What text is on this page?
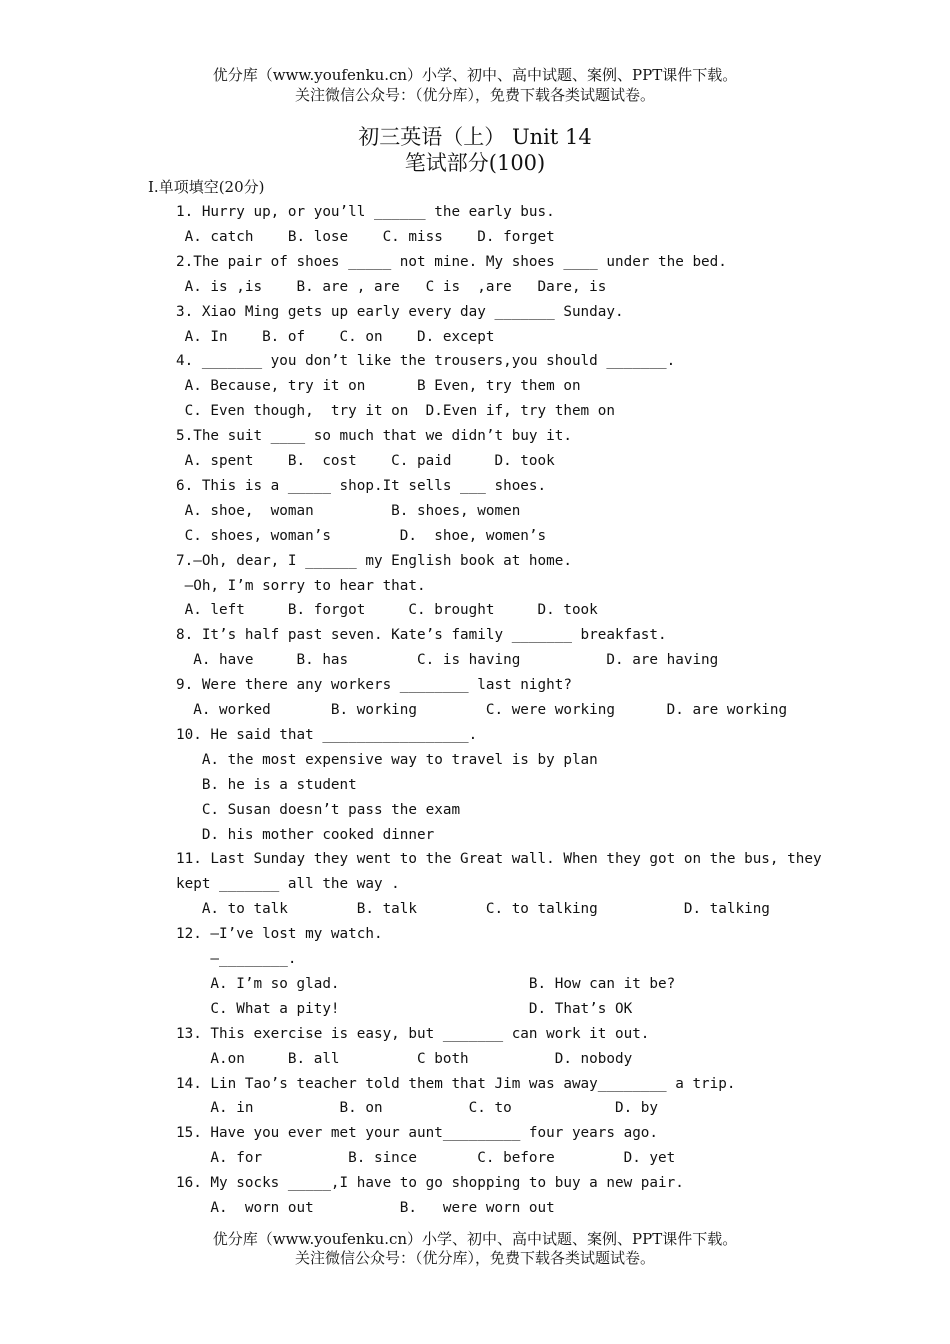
优分库（www.youfenku.cn）小学、初中、高中试题、案例、PPT课件下载。
关注微信公众号：（优分库），免费下载各类试题试卷。
初三英语（上） Unit 14
笔试部分(100)
Ⅰ.单项填空(20分)
1. Hurry up, or you’ll ______ the early bus.
A. catch    B. lose    C. miss    D. forget
2.The pair of shoes _____ not mine. My shoes ____ under the bed.
A. is ,is    B. are , are   C is  ,are   Dare, is
3. Xiao Ming gets up early every day _______ Sunday.
A. In    B. of    C. on    D. except
4. _______ you don’t like the trousers,you should _______.
A. Because, try it on      B Even, try them on
C. Even though,  try it on  D.Even if, try them on
5.The suit ____ so much that we didn’t buy it.
A. spent    B.  cost    C. paid     D. took
6. This is a _____ shop.It sells ___ shoes.
A. shoe,  woman         B. shoes, women
C. shoes, woman’s        D.  shoe, women’s
7.—Oh, dear, I ______ my English book at home.
—Oh, I’m sorry to hear that.
A. left     B. forgot     C. brought     D. took
8. It’s half past seven. Kate’s family _______ breakfast.
A. have     B. has        C. is having          D. are having
9. Were there any workers ________ last night?
A. worked       B. working        C. were working      D. are working
10. He said that _________________.
A. the most expensive way to travel is by plan
B. he is a student
C. Susan doesn’t pass the exam
D. his mother cooked dinner
11. Last Sunday they went to the Great wall. When they got on the bus, they
kept _______ all the way .
A. to talk        B. talk        C. to talking          D. talking
12. —I’ve lost my watch.
—________.
A. I’m so glad.                      B. How can it be?
C. What a pity!                      D. That’s OK
13. This exercise is easy, but _______ can work it out.
A.on     B. all         C both          D. nobody
14. Lin Tao’s teacher told them that Jim was away________ a trip.
A. in          B. on          C. to            D. by
15. Have you ever met your aunt_________ four years ago.
A. for          B. since       C. before        D. yet
16. My socks _____,I have to go shopping to buy a new pair.
A.  worn out          B.   were worn out
优分库（www.youfenku.cn）小学、初中、高中试题、案例、PPT课件下载。
关注微信公众号：（优分库），免费下载各类试题试卷。
